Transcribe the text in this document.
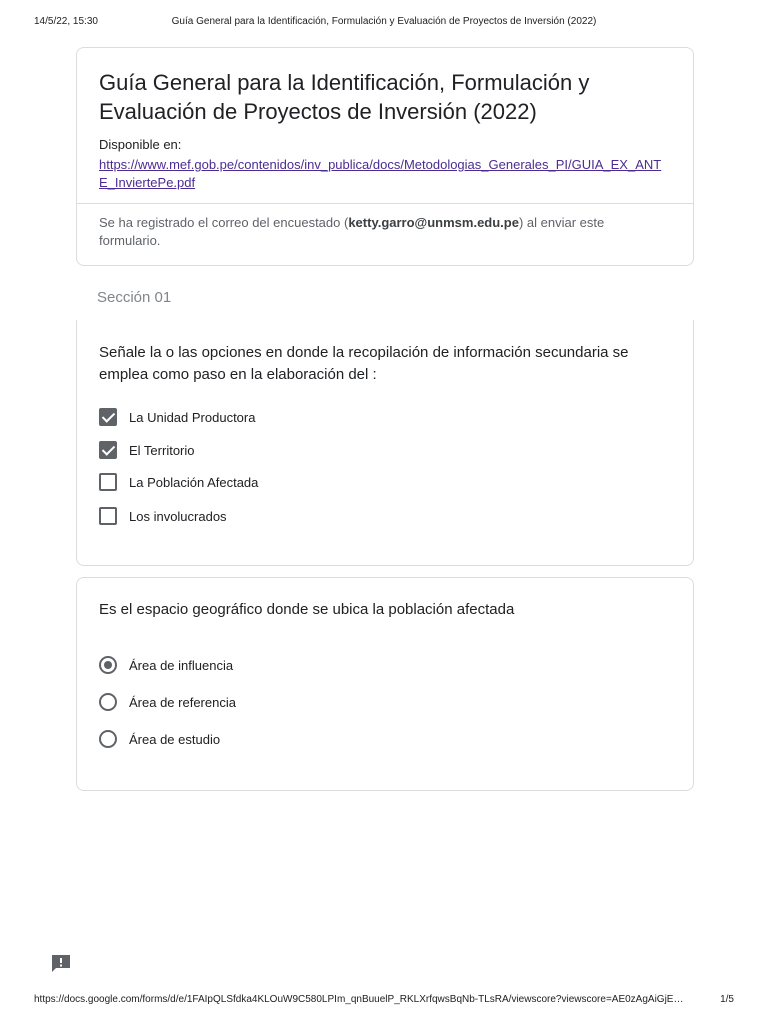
14/5/22, 15:30	Guía General para la Identificación, Formulación y Evaluación de Proyectos de Inversión (2022)
Guía General para la Identificación, Formulación y Evaluación de Proyectos de Inversión (2022)
Disponible en:
https://www.mef.gob.pe/contenidos/inv_publica/docs/Metodologias_Generales_PI/GUIA_EX_ANTE_InviertePe.pdf
Se ha registrado el correo del encuestado (ketty.garro@unmsm.edu.pe) al enviar este formulario.
Sección 01
Señale la o las opciones en donde la recopilación de información secundaria se emplea como paso en la elaboración del :
La Unidad Productora
El Territorio
La Población Afectada
Los involucrados
Es el espacio geográfico donde se ubica la población afectada
Área de influencia
Área de referencia
Área de estudio
https://docs.google.com/forms/d/e/1FAIpQLSfdka4KLOuW9C580LPIm_qnBuuelP_RKLXrfqwsBqNb-TLsRA/viewscore?viewscore=AE0zAgAiGjE…	1/5
